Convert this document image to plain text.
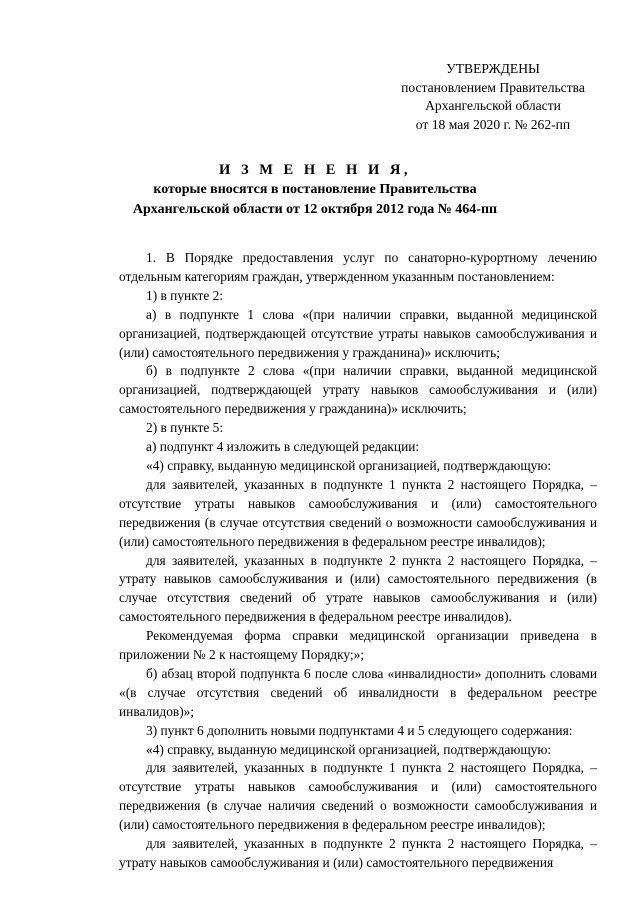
УТВЕРЖДЕНЫ
постановлением Правительства
Архангельской области
от 18 мая 2020 г. № 262-пп
И З М Е Н Е Н И Я,
которые вносятся в постановление Правительства
Архангельской области от 12 октября 2012 года № 464-пп

1. В Порядке предоставления услуг по санаторно-курортному лечению отдельным категориям граждан, утвержденном указанным постановлением:

1) в пункте 2:

а) в подпункте 1 слова «(при наличии справки, выданной медицинской организацией, подтверждающей отсутствие утраты навыков самообслуживания и (или) самостоятельного передвижения у гражданина)» исключить;

б) в подпункте 2 слова «(при наличии справки, выданной медицинской организацией, подтверждающей утрату навыков самообслуживания и (или) самостоятельного передвижения у гражданина)» исключить;

2) в пункте 5:

а) подпункт 4 изложить в следующей редакции:

«4) справку, выданную медицинской организацией, подтверждающую:

для заявителей, указанных в подпункте 1 пункта 2 настоящего Порядка, – отсутствие утраты навыков самообслуживания и (или) самостоятельного передвижения (в случае отсутствия сведений о возможности самообслуживания и (или) самостоятельного передвижения в федеральном реестре инвалидов);

для заявителей, указанных в подпункте 2 пункта 2 настоящего Порядка, – утрату навыков самообслуживания и (или) самостоятельного передвижения (в случае отсутствия сведений об утрате навыков самообслуживания и (или) самостоятельного передвижения в федеральном реестре инвалидов).

Рекомендуемая форма справки медицинской организации приведена в приложении № 2 к настоящему Порядку;»;

б) абзац второй подпункта 6 после слова «инвалидности» дополнить словами «(в случае отсутствия сведений об инвалидности в федеральном реестре инвалидов)»;

3) пункт 6 дополнить новыми подпунктами 4 и 5 следующего содержания:

«4) справку, выданную медицинской организацией, подтверждающую:

для заявителей, указанных в подпункте 1 пункта 2 настоящего Порядка, – отсутствие утраты навыков самообслуживания и (или) самостоятельного передвижения (в случае наличия сведений о возможности самообслуживания и (или) самостоятельного передвижения в федеральном реестре инвалидов);

для заявителей, указанных в подпункте 2 пункта 2 настоящего Порядка, – утрату навыков самообслуживания и (или) самостоятельного передвижения
